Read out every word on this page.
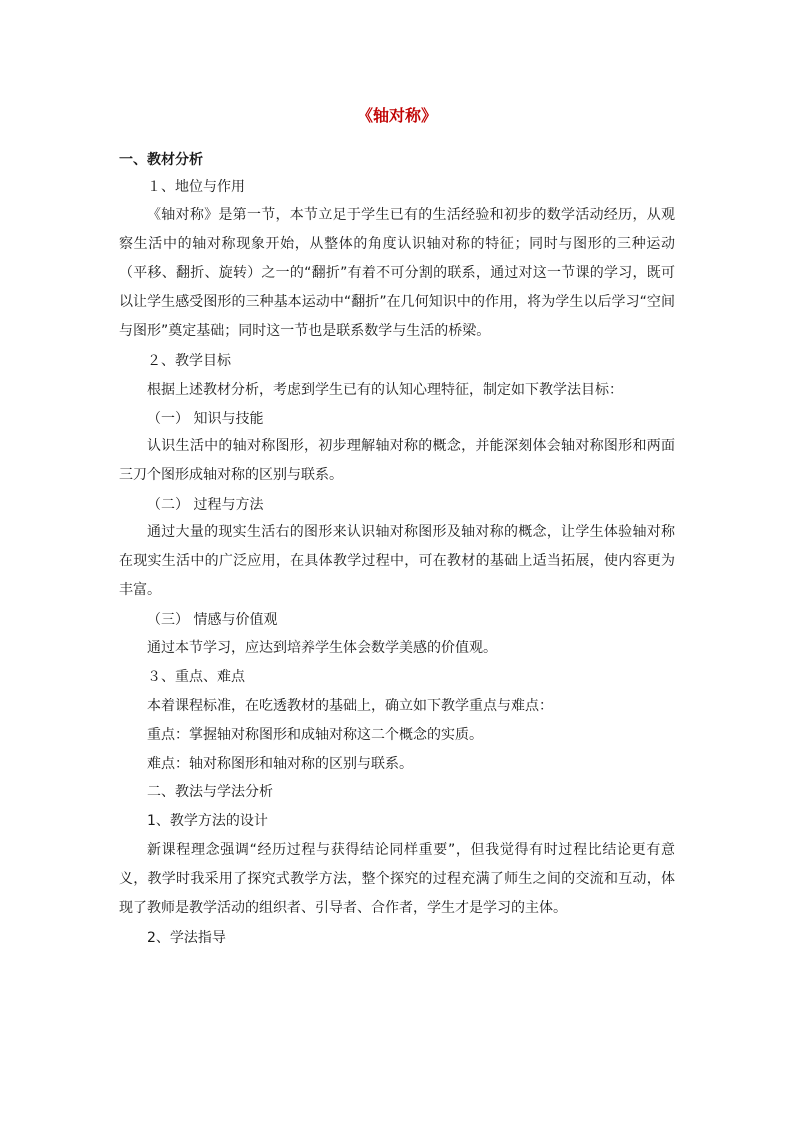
《轴对称》
一、教材分析
１、地位与作用
《轴对称》是第一节，本节立足于学生已有的生活经验和初步的数学活动经历，从观察生活中的轴对称现象开始，从整体的角度认识轴对称的特征；同时与图形的三种运动（平移、翻折、旋转）之一的“翻折”有着不可分割的联系，通过对这一节课的学习，既可以让学生感受图形的三种基本运动中“翻折”在几何知识中的作用，将为学生以后学习“空间与图形”奠定基础；同时这一节也是联系数学与生活的桥梁。
２、教学目标
根据上述教材分析，考虑到学生已有的认知心理特征，制定如下教学法目标：
（一） 知识与技能
认识生活中的轴对称图形，初步理解轴对称的概念，并能深刻体会轴对称图形和两面三刀个图形成轴对称的区别与联系。
（二） 过程与方法
通过大量的现实生活右的图形来认识轴对称图形及轴对称的概念，让学生体验轴对称在现实生活中的广泛应用，在具体教学过程中，可在教材的基础上适当拓展，使内容更为丰富。
（三） 情感与价值观
通过本节学习，应达到培养学生体会数学美感的价值观。
３、重点、难点
本着课程标准，在吃透教材的基础上，确立如下教学重点与难点：
重点：掌握轴对称图形和成轴对称这二个概念的实质。
难点：轴对称图形和轴对称的区别与联系。
二、教法与学法分析
1、教学方法的设计
新课程理念强调“经历过程与获得结论同样重要”，但我觉得有时过程比结论更有意义，教学时我采用了探究式教学方法，整个探究的过程充满了师生之间的交流和互动，体现了教师是教学活动的组织者、引导者、合作者，学生才是学习的主体。
2、学法指导
